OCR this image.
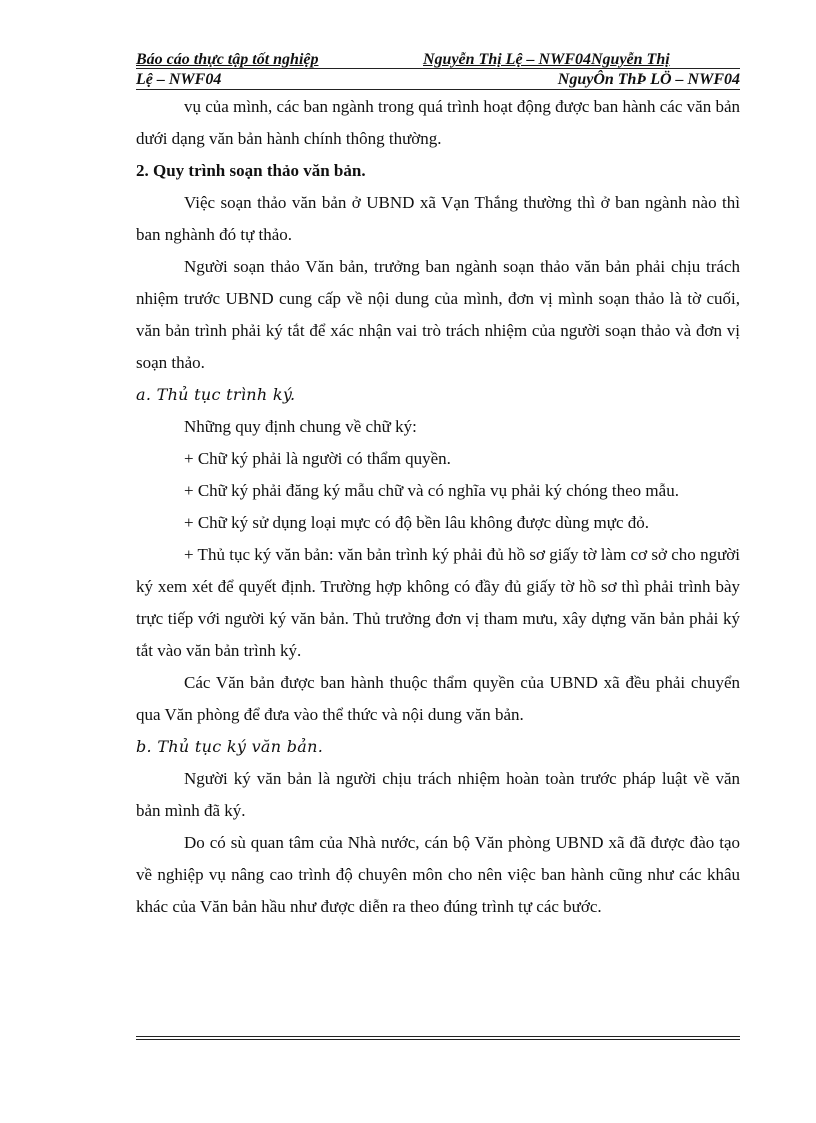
Báo cáo thực tập tốt nghiệp	Nguyễn Thị Lệ – NWF04Nguyễn Thị
Lệ – NWF04	NguyÔn ThÞ LÖ – NWF04

vụ của mình, các ban ngành trong quá trình hoạt động được ban hành các văn bản dưới dạng văn bản hành chính thông thường.

2. Quy trình soạn thảo văn bản.

Việc soạn thảo văn bản ở UBND xã Vạn Thắng thường thì ở ban ngành nào thì ban nghành đó tự thảo.

Người soạn thảo Văn bản, trưởng ban ngành soạn thảo văn bản phải chịu trách nhiệm trước UBND cung cấp về nội dung của mình, đơn vị mình soạn thảo là tờ cuối, văn bản trình phải ký tắt để xác nhận vai trò trách nhiệm của người soạn thảo và đơn vị soạn thảo.

a. Thủ tục trình ký.

Những quy định chung về chữ ký:

+ Chữ ký phải là người có thẩm quyền.

+ Chữ ký phải đăng ký mẫu chữ và có nghĩa vụ phải ký chóng theo mẫu.

+ Chữ ký sử dụng loại mực có độ bền lâu không được dùng mực đỏ.

+ Thủ tục ký văn bản: văn bản trình ký phải đủ hồ sơ giấy tờ làm cơ sở cho người ký xem xét để quyết định. Trường hợp không có đầy đủ giấy tờ hồ sơ thì phải trình bày trực tiếp với người ký văn bản. Thủ trưởng đơn vị tham mưu, xây dựng văn bản phải ký tắt vào văn bản trình ký.

Các Văn bản được ban hành thuộc thẩm quyền của UBND xã đều phải chuyển qua Văn phòng để đưa vào thể thức và nội dung văn bản.

b. Thủ tục ký văn bản.

Người ký văn bản là người chịu trách nhiệm hoàn toàn trước pháp luật về văn bản mình đã ký.

Do có sù quan tâm của Nhà nước, cán bộ Văn phòng UBND xã đã được đào tạo về nghiệp vụ nâng cao trình độ chuyên môn cho nên việc ban hành cũng như các khâu khác của Văn bản hầu như được diễn ra theo đúng trình tự các bước.
